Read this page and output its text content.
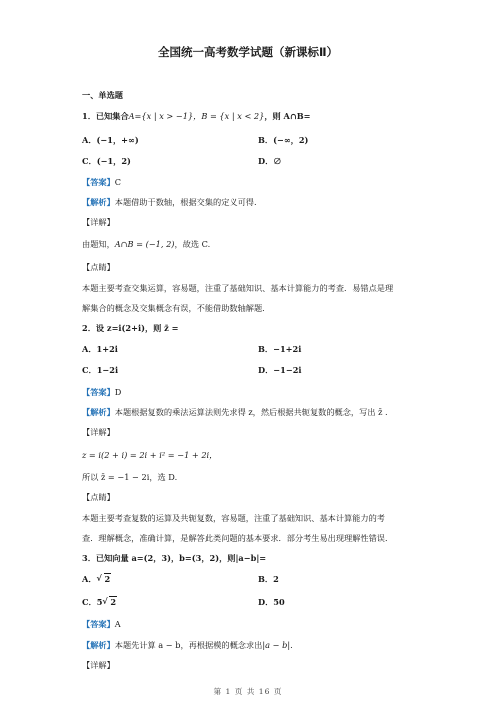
全国统一高考数学试题（新课标Ⅱ）
一、单选题
1．已知集合A={x | x > −1}，B = {x | x < 2}，则 A∩B=
A．(−1，+∞)	B．(−∞，2)
C．(−1，2)	D．∅
【答案】C
【解析】本题借助于数轴，根据交集的定义可得.
【详解】
由题知，A∩B = (−1, 2)，故选 C.
【点睛】
本题主要考查交集运算，容易题，注重了基础知识、基本计算能力的考查．易错点是理
解集合的概念及交集概念有误，不能借助数轴解题．
2．设 z=i(2+i)，则 z̄ =
A．1+2i	B．−1+2i
C．1−2i	D．−1−2i
【答案】D
【解析】本题根据复数的乘法运算法则先求得 z，然后根据共轭复数的概念，写出 z̄ .
【详解】
z = i(2 + i) = 2i + i² = −1 + 2i，
所以 z̄ = −1 − 2i，选 D.
【点睛】
本题主要考查复数的运算及共轭复数，容易题，注重了基础知识、基本计算能力的考
查．理解概念，准确计算，是解答此类问题的基本要求．部分考生易出现理解性错误．
3．已知向量 a=(2，3)，b=(3，2)，则|a−b|=
A． √ 2	B．2
C．5 √ 2	D．50
【答案】A
【解析】本题先计算 a − b，再根据模的概念求出|a − b|.
【详解】
第 1 页 共 16 页
